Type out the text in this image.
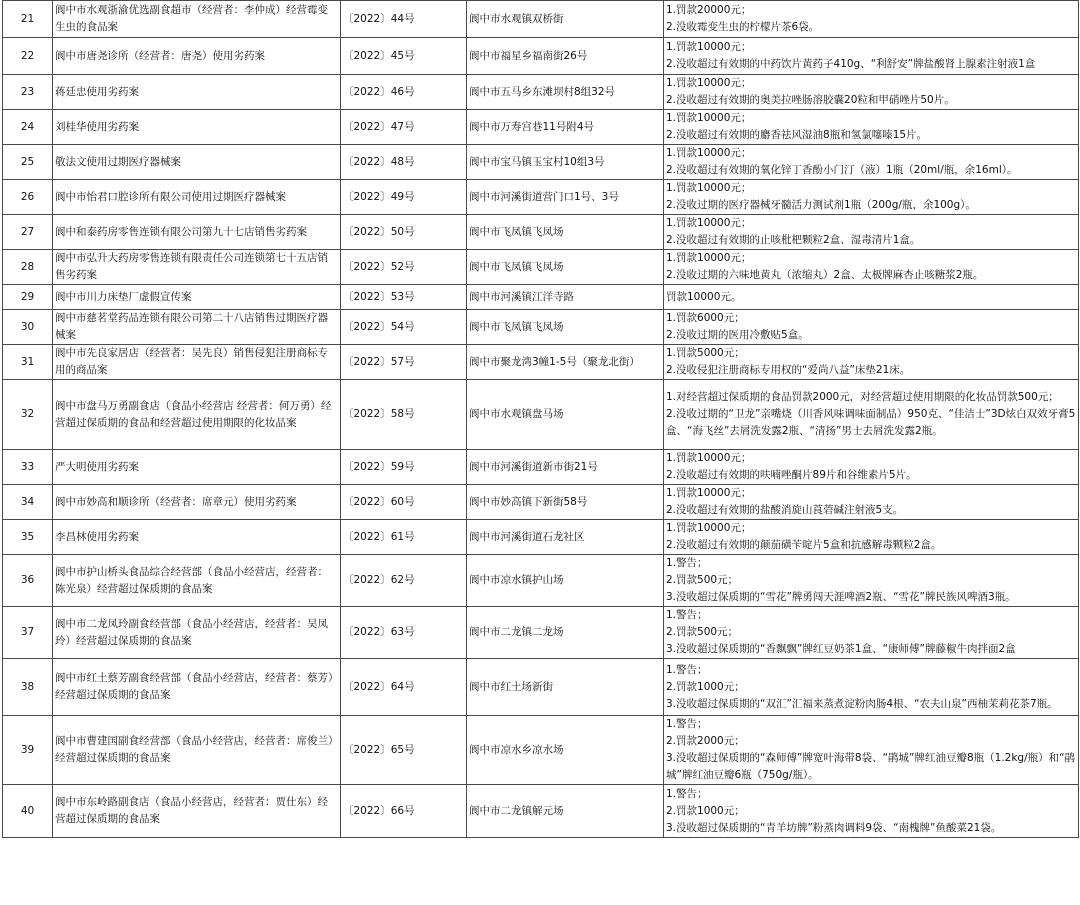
21	阆中市水观浙渝优选副食超市（经营者：李仲成）经营霉变生虫的食品案	〔2022〕44号	阆中市水观镇双桥街	1.罚款20000元；
2.没收霉变生虫的柠檬片茶6袋。

22	阆中市唐尧诊所（经营者：唐尧）使用劣药案	〔2022〕45号	阆中市福星乡福南街26号	1.罚款10000元；
2.没收超过有效期的中药饮片黄药子410g、“利舒安”牌盐酸肾上腺素注射液1盒

23	蒋廷忠使用劣药案	〔2022〕46号	阆中市五马乡东滩坝村8组32号	1.罚款10000元；
2.没收超过有效期的奥美拉唑肠溶胶囊20粒和甲硝唑片50片。

24	刘桂华使用劣药案	〔2022〕47号	阆中市万寿宫巷11号附4号	1.罚款10000元；
2.没收超过有效期的麝香祛风湿油8瓶和氢氯噻嗪15片。

25	敬法文使用过期医疗器械案	〔2022〕48号	阆中市宝马镇玉宝村10组3号	1.罚款10000元；
2.没收超过有效期的氧化锌丁香酚小门汀（液）1瓶（20ml/瓶，余16ml）。

26	阆中市怡君口腔诊所有限公司使用过期医疗器械案	〔2022〕49号	阆中市河溪街道营门口1号、3号	1.罚款10000元；
2.没收过期的医疗器械牙髓活力测试剂1瓶（200g/瓶，余100g）。

27	阆中和泰药房零售连锁有限公司第九十七店销售劣药案	〔2022〕50号	阆中市飞凤镇飞凤场	1.罚款10000元；
2.没收超过有效期的止咳枇杷颗粒2盒、湿毒清片1盒。

28	阆中市弘升大药房零售连锁有限责任公司连锁第七十五店销售劣药案	〔2022〕52号	阆中市飞凤镇飞凤场	1.罚款10000元；
2.没收过期的六味地黄丸（浓缩丸）2盒、太极牌麻杏止咳糖浆2瓶。

29	阆中市川力床垫厂虚假宣传案	〔2022〕53号	阆中市河溪镇江洋寺路	罚款10000元。

30	阆中市慈茗堂药品连锁有限公司第二十八店销售过期医疗器械案	〔2022〕54号	阆中市飞凤镇飞凤场	1.罚款6000元；
2.没收过期的医用冷敷贴5盒。

31	阆中市先良家居店（经营者：吴先良）销售侵犯注册商标专用的商品案	〔2022〕57号	阆中市聚龙湾3幢1-5号（聚龙北街）	1.罚款5000元；
2.没收侵犯注册商标专用权的“爱尚八益”床垫21床。

32	阆中市盘马万勇副食店（食品小经营店 经营者：何万勇）经营超过保质期的食品和经营超过使用期限的化妆品案	〔2022〕58号	阆中市水观镇盘马场	1.对经营超过保质期的食品罚款2000元，对经营超过使用期限的化妆品罚款500元；
2.没收过期的“卫龙”亲嘴烧（川香风味调味面制品）950克、“佳洁士”3D炫白双效牙膏5盒、“海飞丝”去屑洗发露2瓶、“清扬”男士去屑洗发露2瓶。

33	严大明使用劣药案	〔2022〕59号	阆中市河溪街道新市街21号	1.罚款10000元；
2.没收超过有效期的呋喃唑酮片89片和谷维素片5片。

34	阆中市妙高和顺诊所（经营者：席章元）使用劣药案	〔2022〕60号	阆中市妙高镇下新街58号	1.罚款10000元；
2.没收超过有效期的盐酸消旋山莨菪碱注射液5支。

35	李昌林使用劣药案	〔2022〕61号	阆中市河溪街道石龙社区	1.罚款10000元；
2.没收超过有效期的颠茄磺苄啶片5盒和抗感解毒颗粒2盒。

36	阆中市护山桥头食品综合经营部（食品小经营店，经营者：陈光泉）经营超过保质期的食品案	〔2022〕62号	阆中市凉水镇护山场	1.警告；
2.罚款500元；
3.没收超过保质期的“雪花”牌勇闯天涯啤酒2瓶、“雪花”牌民族风啤酒3瓶。

37	阆中市二龙凤玲副食经营部（食品小经营店，经营者：吴凤玲）经营超过保质期的食品案	〔2022〕63号	阆中市二龙镇二龙场	1.警告；
2.罚款500元；
3.没收超过保质期的“香飘飘”牌红豆奶茶1盒、“康师傅”牌藤椒牛肉拌面2盒

38	阆中市红土蔡芳副食经营部（食品小经营店，经营者：蔡芳）经营超过保质期的食品案	〔2022〕64号	阆中市红土场新街	1.警告；
2.罚款1000元；
3.没收超过保质期的“双汇”汇福来蒸煮淀粉肉肠4根、“农夫山泉”西柚茉莉花茶7瓶。

39	阆中市曹建国副食经营部（食品小经营店，经营者：席俊兰）经营超过保质期的食品案	〔2022〕65号	阆中市凉水乡凉水场	1.警告；
2.罚款2000元；
3.没收超过保质期的“森师傅”牌宽叶海带8袋、“鹃城”牌红油豆瓣8瓶（1.2kg/瓶）和“鹃城”牌红油豆瓣6瓶（750g/瓶）。

40	阆中市东岭路副食店（食品小经营店，经营者：贾仕东）经营超过保质期的食品案	〔2022〕66号	阆中市二龙镇解元场	1.警告；
2.罚款1000元；
3.没收超过保质期的“青羊坊牌”粉蒸肉调料9袋、“南槐牌”鱼酸菜21袋。
